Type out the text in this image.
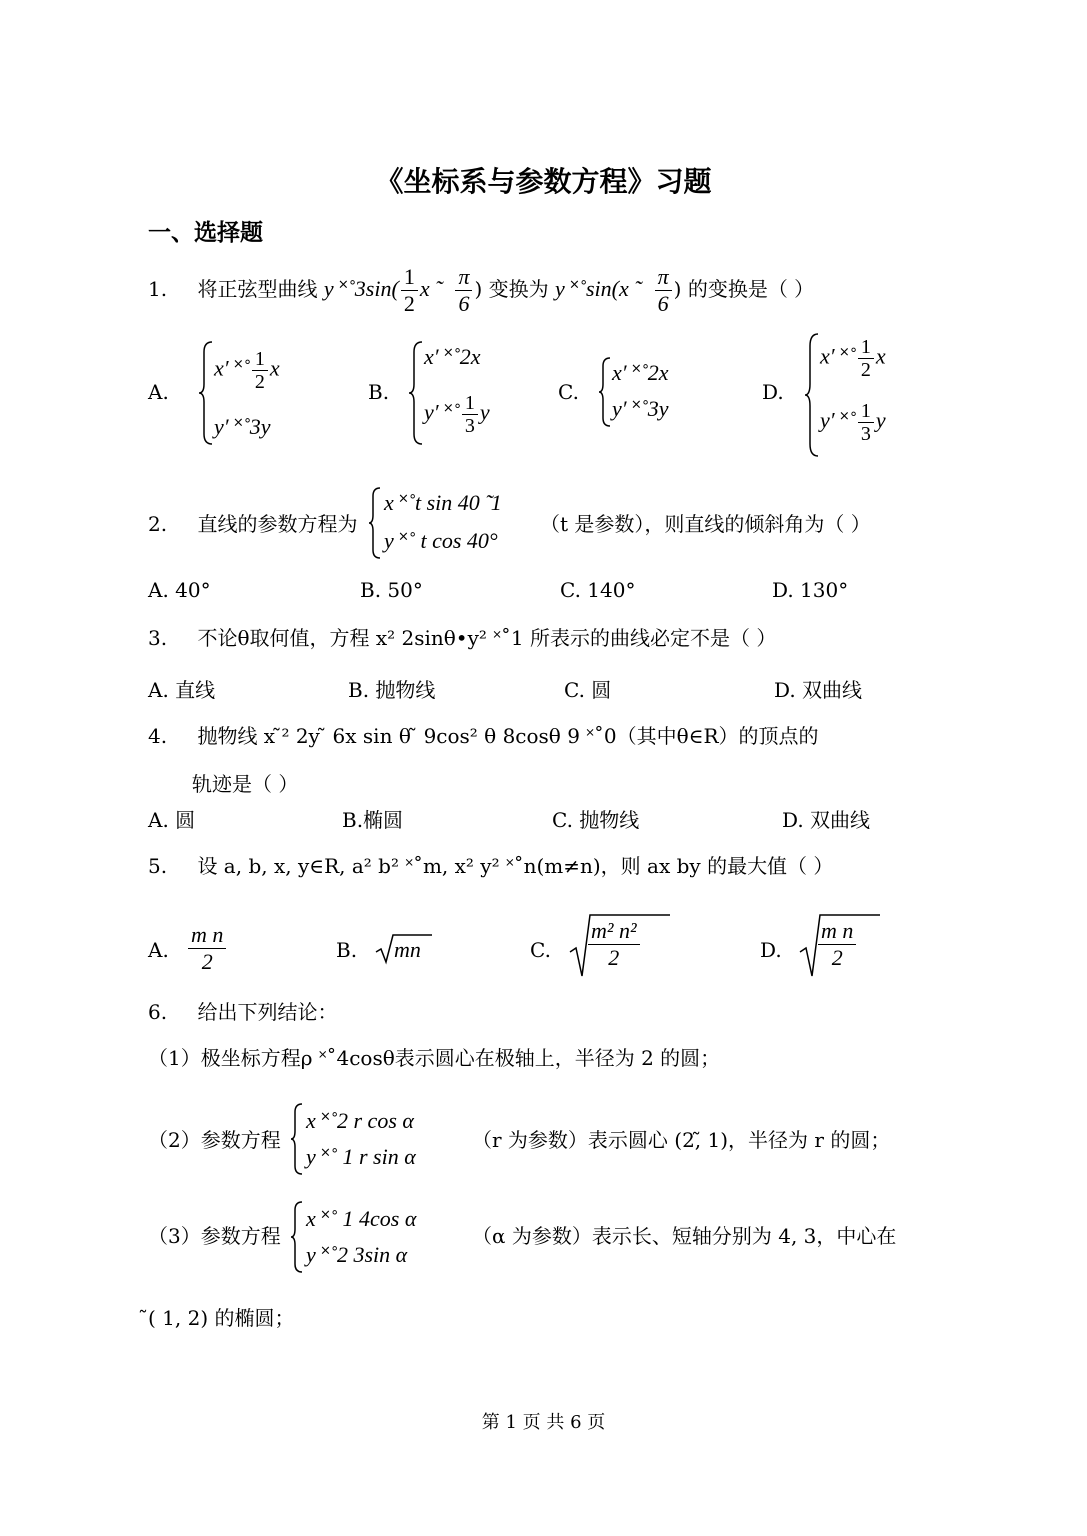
《坐标系与参数方程》习题
一、选择题
1. 将正弦型曲线 y ˟˚3sin( $\frac{1}{2}$ x ̃ $\frac{\pi}{6}$ ) 变换为 y ˟˚sin(x ̃ $\frac{\pi}{6}$ ) 的变换是（ ）
A.
x′ ˟˚ $\frac{1}{2}$ x
y′ ˟˚3y
B.
x′ ˟˚2x
y′ ˟˚ $\frac{1}{3}$ y
C.
x′ ˟˚2x
y′ ˟˚3y
D.
x′ ˟˚ $\frac{1}{2}$ x
y′ ˟˚ $\frac{1}{3}$ y
2. 直线的参数方程为
x ˟˚t sin 40 ̃ 1
y ˟˚ t cos 40°
（t 是参数），则直线的倾斜角为（ ）
A. 40°	B. 50°	C. 140°	D. 130°
3. 不论θ取何值，方程 x² 2sinθ•y² ˟˚1 所表示的曲线必定不是（ ）
A. 直线	B. 抛物线	C. 圆	D. 双曲线
4. 抛物线 x ̃² 2y ̃ 6x sin θ ̃ 9cos² θ 8cosθ 9 ˟˚0（其中θ∈R）的顶点的
轨迹是（ ）
A. 圆	B.椭圆	C. 抛物线	D. 双曲线
5. 设 a, b, x, y∈R, a² b² ˟˚m, x² y² ˟˚n(m≠n)，则 ax by 的最大值（ ）
A. $\frac{\text{m n}}{2}$	B. mn	C. $\frac{\text{m² n²}}{2}$	D. $\frac{\text{m n}}{2}$
6. 给出下列结论：
（1）极坐标方程ρ ˟˚4cosθ表示圆心在极轴上，半径为 2 的圆；
（2）参数方程
x ˟˚2 r cos α
y ˟˚ 1 r sin α
（r 为参数）表示圆心 (2,̃ 1)，半径为 r 的圆；
（3）参数方程
x ˟˚ 1 4cos α
y ˟˚2 3sin α
（α 为参数）表示长、短轴分别为 4, 3，中心在
̃( 1, 2) 的椭圆；
第 1 页 共 6 页
